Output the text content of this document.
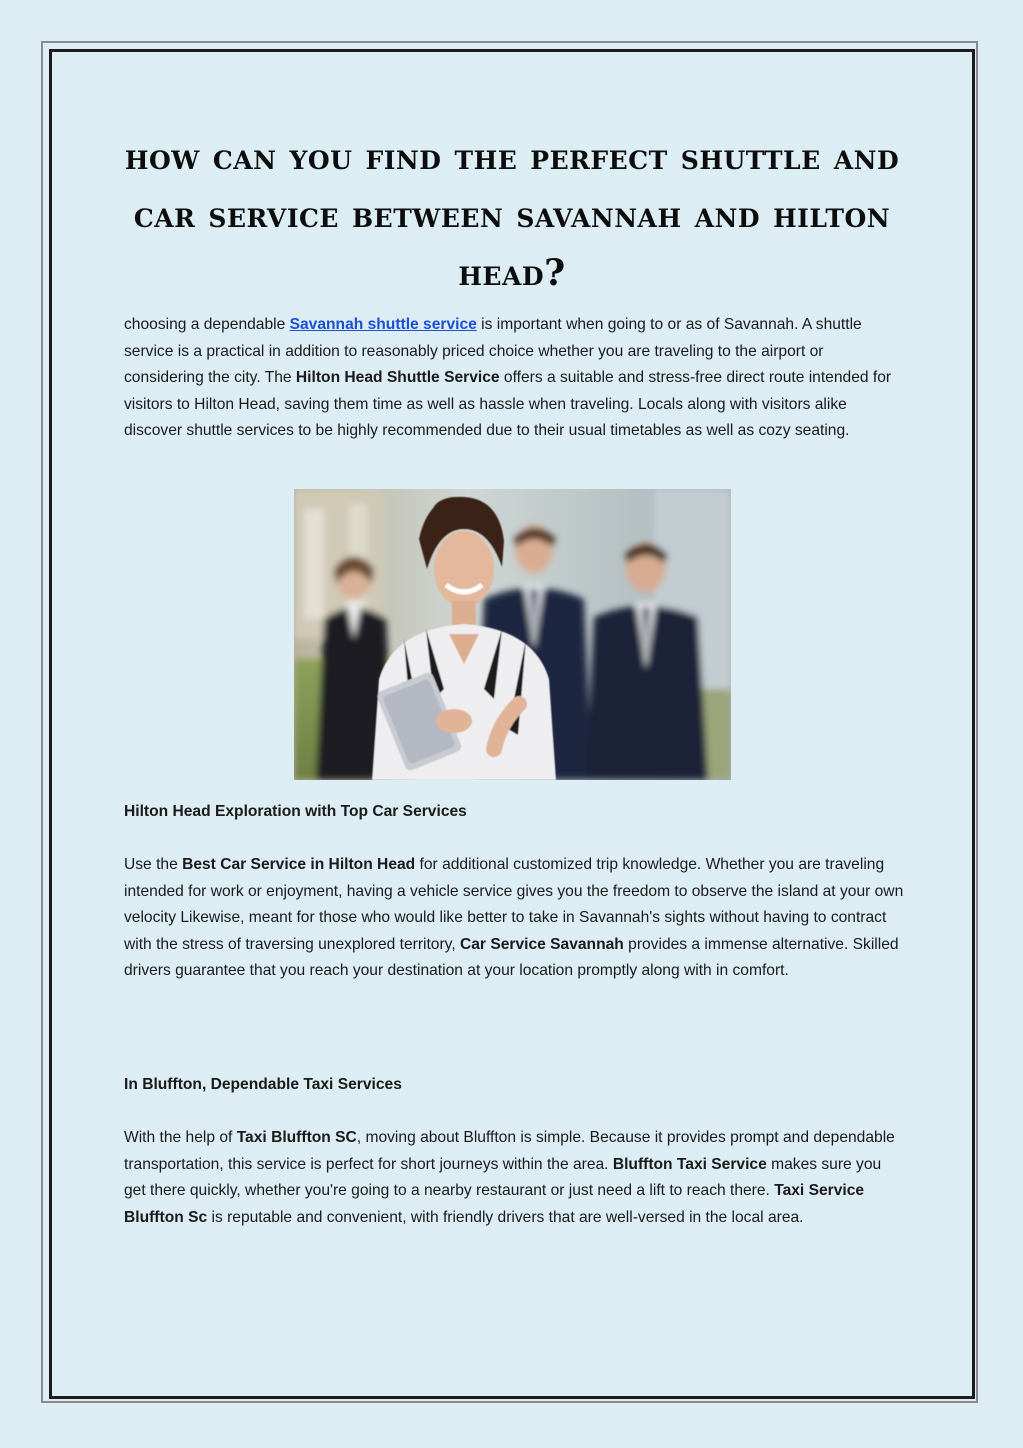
how can you find the perfect shuttle and car service between savannah and hilton head?

choosing a dependable Savannah shuttle service is important when going to or as of Savannah. A shuttle service is a practical in addition to reasonably priced choice whether you are traveling to the airport or considering the city. The Hilton Head Shuttle Service offers a suitable and stress-free direct route intended for visitors to Hilton Head, saving them time as well as hassle when traveling. Locals along with visitors alike discover shuttle services to be highly recommended due to their usual timetables as well as cozy seating.

Hilton Head Exploration with Top Car Services

Use the Best Car Service in Hilton Head for additional customized trip knowledge. Whether you are traveling intended for work or enjoyment, having a vehicle service gives you the freedom to observe the island at your own velocity Likewise, meant for those who would like better to take in Savannah's sights without having to contract with the stress of traversing unexplored territory, Car Service Savannah provides a immense alternative. Skilled drivers guarantee that you reach your destination at your location promptly along with in comfort.

In Bluffton, Dependable Taxi Services

With the help of Taxi Bluffton SC, moving about Bluffton is simple. Because it provides prompt and dependable transportation, this service is perfect for short journeys within the area. Bluffton Taxi Service makes sure you get there quickly, whether you're going to a nearby restaurant or just need a lift to reach there. Taxi Service Bluffton Sc is reputable and convenient, with friendly drivers that are well-versed in the local area.
